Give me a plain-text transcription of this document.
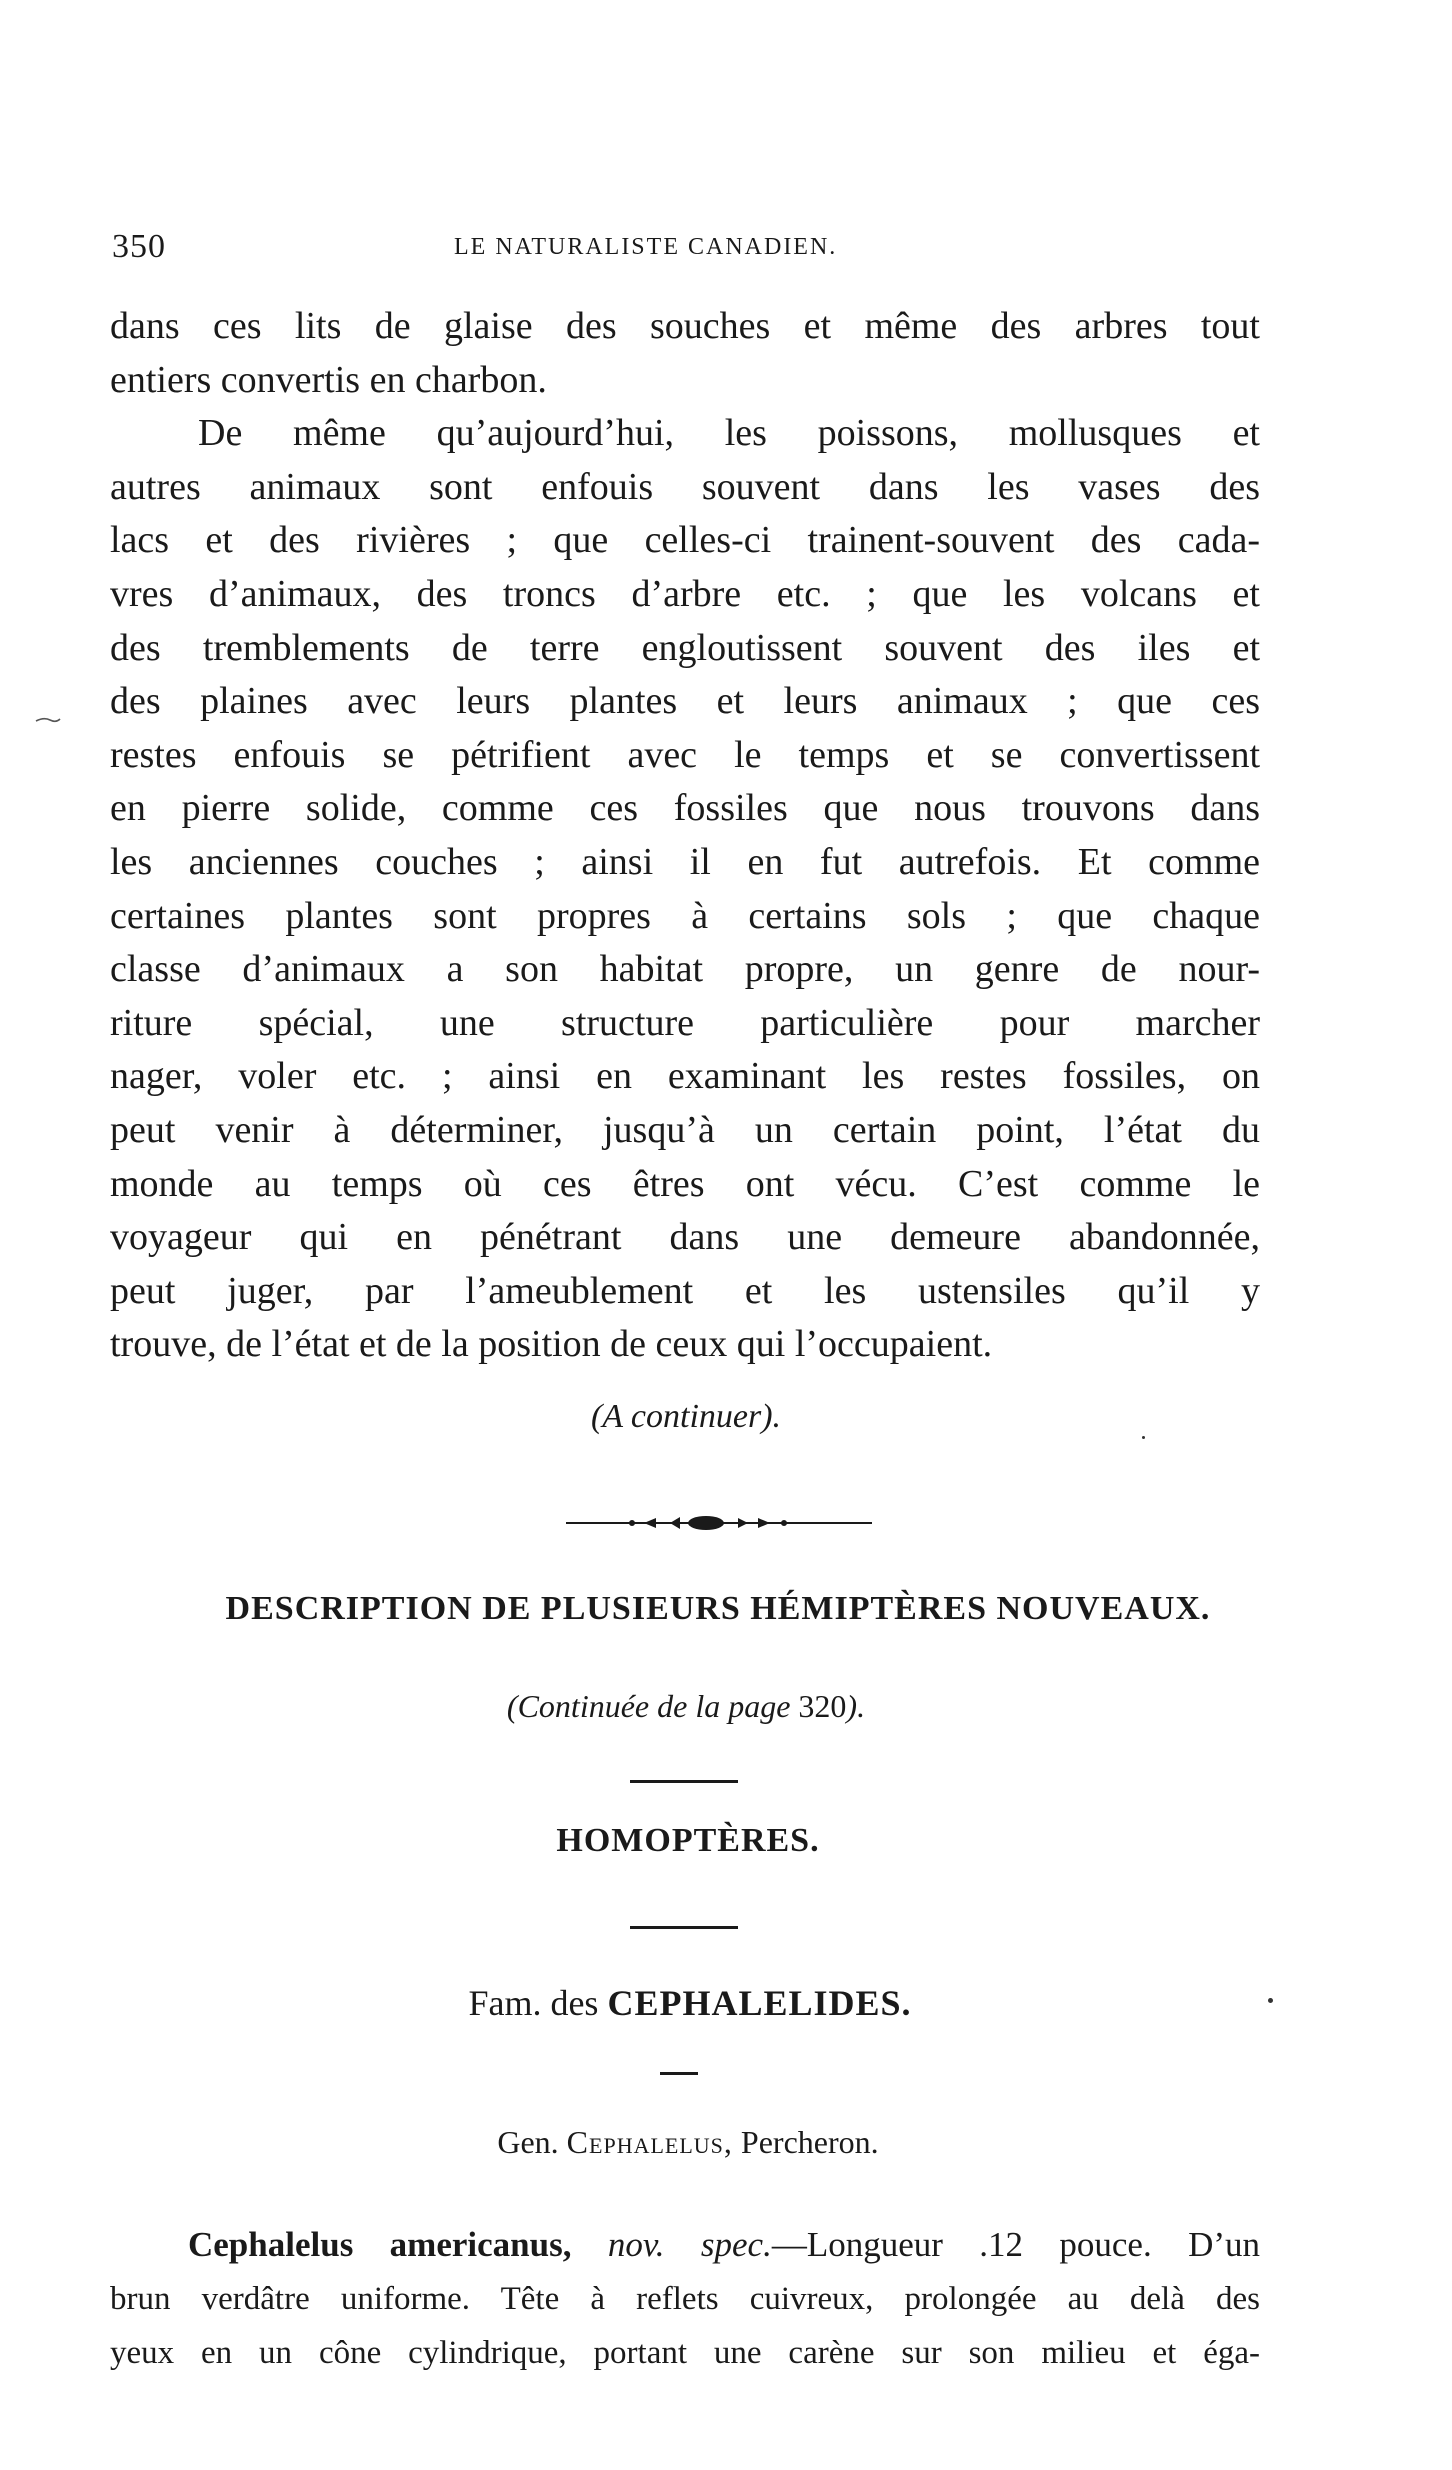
350	LE NATURALISTE CANADIEN.
dans ces lits de glaise des souches et même des arbres tout
entiers convertis en charbon.
De même qu’aujourd’hui, les poissons, mollusques et
autres animaux sont enfouis souvent dans les vases des
lacs et des rivières ; que celles-ci trainent-souvent des cada-
vres d’animaux, des troncs d’arbre etc. ; que les volcans et
des tremblements de terre engloutissent souvent des iles et
des plaines avec leurs plantes et leurs animaux ; que ces
restes enfouis se pétrifient avec le temps et se convertissent
en pierre solide, comme ces fossiles que nous trouvons dans
les anciennes couches ; ainsi il en fut autrefois. Et comme
certaines plantes sont propres à certains sols ; que chaque
classe d’animaux a son habitat propre, un genre de nour-
riture spécial, une structure particulière pour marcher
nager, voler etc. ; ainsi en examinant les restes fossiles, on
peut venir à déterminer, jusqu’à un certain point, l’état du
monde au temps où ces êtres ont vécu. C’est comme le
voyageur qui en pénétrant dans une demeure abandonnée,
peut juger, par l’ameublement et les ustensiles qu’il y
trouve, de l’état et de la position de ceux qui l’occupaient.
(A continuer).
DESCRIPTION DE PLUSIEURS HÉMIPTÈRES NOUVEAUX.
(Continuée de la page 320).
HOMOPTÈRES.
Fam. des CEPHALELIDES.
Gen. Cephalelus, Percheron.
Cephalelus americanus, nov. spec.—Longueur .12 pouce. D’un
brun verdâtre uniforme. Tête à reflets cuivreux, prolongée au delà des
yeux en un cône cylindrique, portant une carène sur son milieu et éga-
